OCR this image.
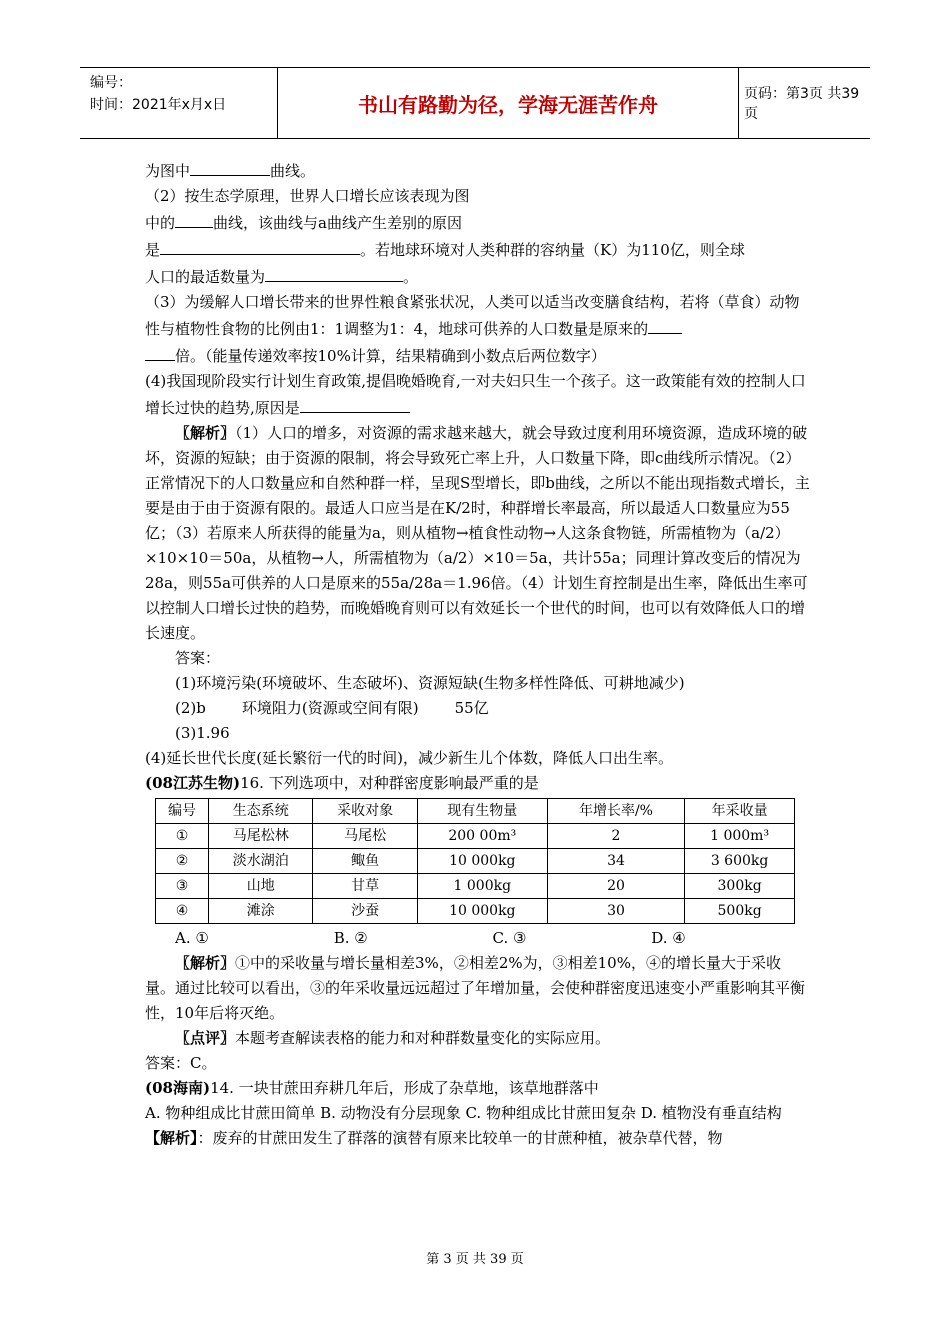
编号：
时间：2021年x月x日	书山有路勤为径，学海无涯苦作舟	页码：第3页 共39页

为图中	曲线。

（2）按生态学原理，世界人口增长应该表现为图

中的	曲线，该曲线与a曲线产生差别的原因

是	。若地球环境对人类种群的容纳量（K）为110亿，则全球

人口的最适数量为	。

（3）为缓解人口增长带来的世界性粮食紧张状况，人类可以适当改变膳食结构，若将（草食）动物性与植物性食物的比例由1：1调整为1：4，地球可供养的人口数量是原来的

倍。（能量传递效率按10%计算，结果精确到小数点后两位数字）

(4)我国现阶段实行计划生育政策,提倡晚婚晚育,一对夫妇只生一个孩子。这一政策能有效的控制人口增长过快的趋势,原因是

〖解析〗（1）人口的增多，对资源的需求越来越大，就会导致过度利用环境资源，造成环境的破坏，资源的短缺；由于资源的限制，将会导致死亡率上升，人口数量下降，即c曲线所示情况。（2）正常情况下的人口数量应和自然种群一样，呈现S型增长，即b曲线，之所以不能出现指数式增长，主要是由于由于资源有限的。最适人口应当是在K/2时，种群增长率最高，所以最适人口数量应为55亿；（3）若原来人所获得的能量为a，则从植物→植食性动物→人这条食物链，所需植物为（a/2）×10×10＝50a，从植物→人，所需植物为（a/2）×10＝5a，共计55a；同理计算改变后的情况为28a，则55a可供养的人口是原来的55a/28a＝1.96倍。（4）计划生育控制是出生率，降低出生率可以控制人口增长过快的趋势，而晚婚晚育则可以有效延长一个世代的时间，也可以有效降低人口的增长速度。

答案：

(1)环境污染(环境破坏、生态破坏)、资源短缺(生物多样性降低、可耕地减少)

(2)b 环境阻力(资源或空间有限) 55亿

(3)1.96

(4)延长世代长度(延长繁衍一代的时间)，减少新生儿个体数，降低人口出生率。

(08江苏生物)16. 下列选项中，对种群密度影响最严重的是

编号	生态系统	采收对象	现有生物量	年增长率/%	年采收量
①	马尾松林	马尾松	200 00m³	2	1 000m³
②	淡水湖泊	鲰鱼	10 000kg	34	3 600kg
③	山地	甘草	1 000kg	20	300kg
④	滩涂	沙蚕	10 000kg	30	500kg
A. ①	B. ②	C. ③	D. ④

〖解析〗①中的采收量与增长量相差3%，②相差2%为，③相差10%，④的增长量大于采收量。通过比较可以看出，③的年采收量远远超过了年增加量，会使种群密度迅速变小严重影响其平衡性，10年后将灭绝。

〖点评〗本题考查解读表格的能力和对种群数量变化的实际应用。

答案：C。

(08海南)14. 一块甘蔗田弃耕几年后，形成了杂草地，该草地群落中

A. 物种组成比甘蔗田简单 B. 动物没有分层现象 C. 物种组成比甘蔗田复杂 D. 植物没有垂直结构

【解析】：废弃的甘蔗田发生了群落的演替有原来比较单一的甘蔗种植，被杂草代替，物

第 3 页 共 39 页
